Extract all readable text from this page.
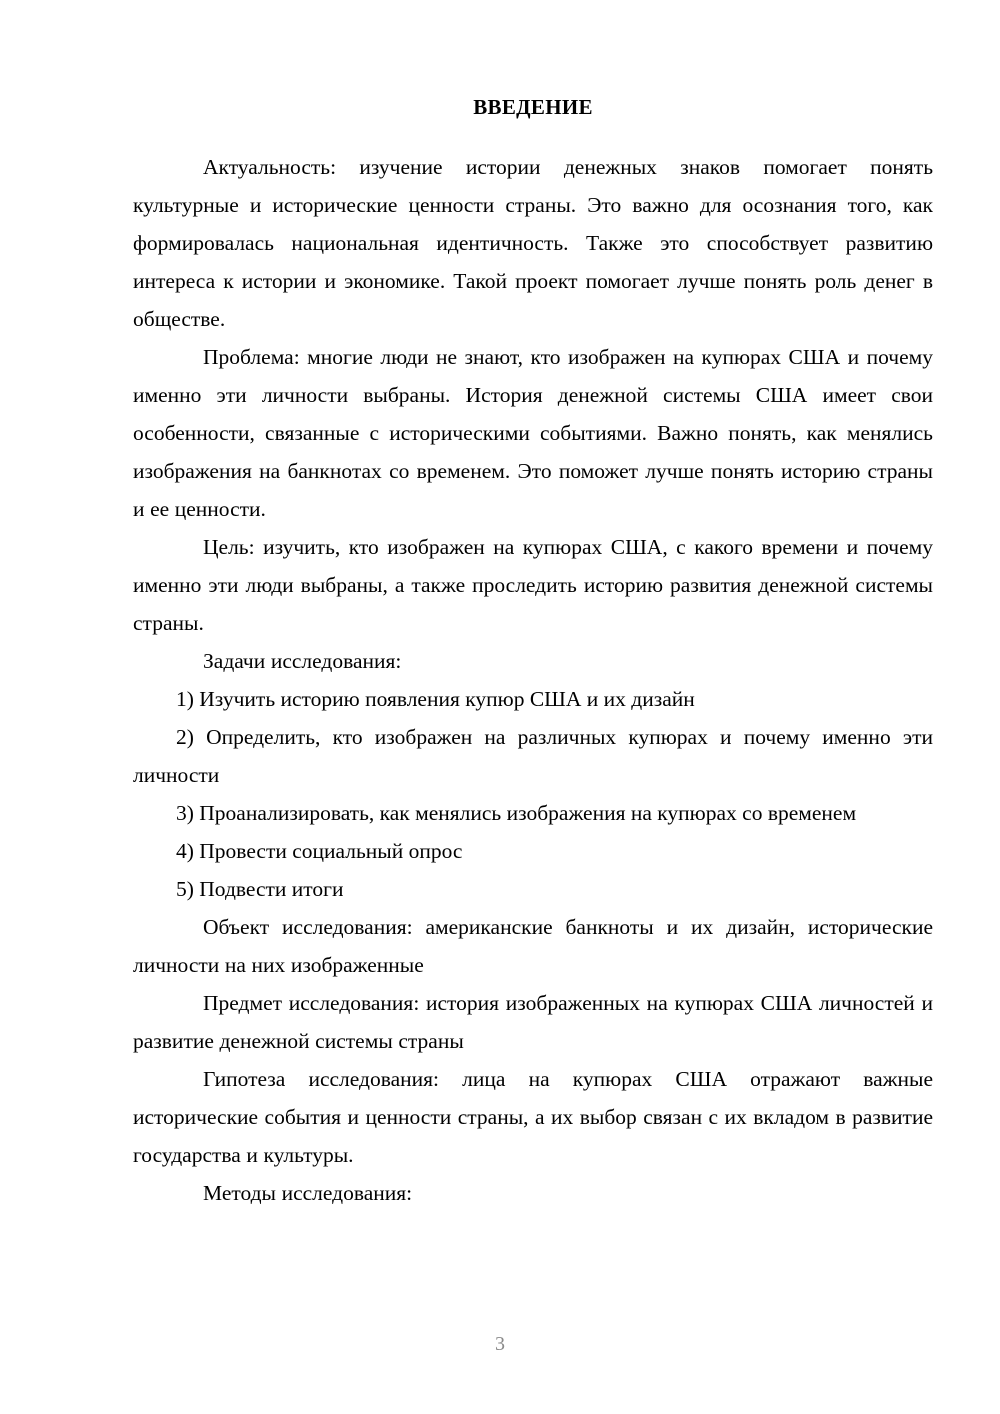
ВВЕДЕНИЕ

Актуальность: изучение истории денежных знаков помогает понять культурные и исторические ценности страны. Это важно для осознания того, как формировалась национальная идентичность. Также это способствует развитию интереса к истории и экономике. Такой проект помогает лучше понять роль денег в обществе.

Проблема: многие люди не знают, кто изображен на купюрах США и почему именно эти личности выбраны. История денежной системы США имеет свои особенности, связанные с историческими событиями. Важно понять, как менялись изображения на банкнотах со временем. Это поможет лучше понять историю страны и ее ценности.

Цель: изучить, кто изображен на купюрах США, с какого времени и почему именно эти люди выбраны, а также проследить историю развития денежной системы страны.

Задачи исследования:

1) Изучить историю появления купюр США и их дизайн

2) Определить, кто изображен на различных купюрах и почему именно эти личности

3) Проанализировать, как менялись изображения на купюрах со временем

4) Провести социальный опрос

5) Подвести итоги

Объект исследования: американские банкноты и их дизайн, исторические личности на них изображенные

Предмет исследования: история изображенных на купюрах США личностей и развитие денежной системы страны

Гипотеза исследования: лица на купюрах США отражают важные исторические события и ценности страны, а их выбор связан с их вкладом в развитие государства и культуры.

Методы исследования:

3
